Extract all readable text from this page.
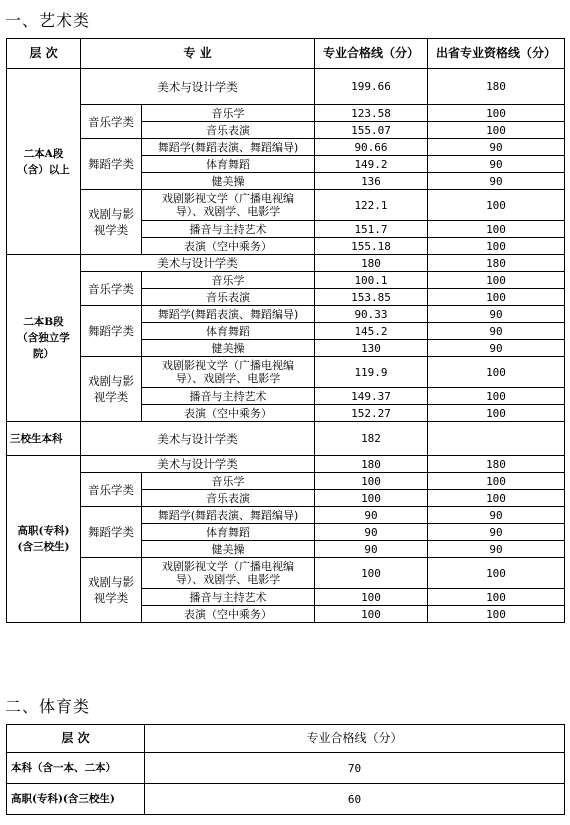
一、艺术类
层 次	专 业		专业合格线（分）	出省专业资格线（分）
二本A段（含）以上	美术与设计学类		199.66	180
	音乐学类	音乐学	123.58	100
		音乐表演	155.07	100
	舞蹈学类	舞蹈学(舞蹈表演、舞蹈编导)	90.66	90
		体育舞蹈	149.2	90
		健美操	136	90
	戏剧与影视学类	戏剧影视文学（广播电视编导）、戏剧学、电影学	122.1	100
		播音与主持艺术	151.7	100
		表演（空中乘务）	155.18	100
二本B段（含独立学院）	美术与设计学类		180	180
	音乐学类	音乐学	100.1	100
		音乐表演	153.85	100
	舞蹈学类	舞蹈学(舞蹈表演、舞蹈编导)	90.33	90
		体育舞蹈	145.2	90
		健美操	130	90
	戏剧与影视学类	戏剧影视文学（广播电视编导）、戏剧学、电影学	119.9	100
		播音与主持艺术	149.37	100
		表演（空中乘务）	152.27	100
三校生本科	美术与设计学类		182	
高职(专科)(含三校生)	美术与设计学类		180	180
	音乐学类	音乐学	100	100
		音乐表演	100	100
	舞蹈学类	舞蹈学(舞蹈表演、舞蹈编导)	90	90
		体育舞蹈	90	90
		健美操	90	90
	戏剧与影视学类	戏剧影视文学（广播电视编导）、戏剧学、电影学	100	100
		播音与主持艺术	100	100
		表演（空中乘务）	100	100
二、体育类
层 次	专业合格线（分）
本科（含一本、二本）	70
高职(专科)(含三校生)	60
